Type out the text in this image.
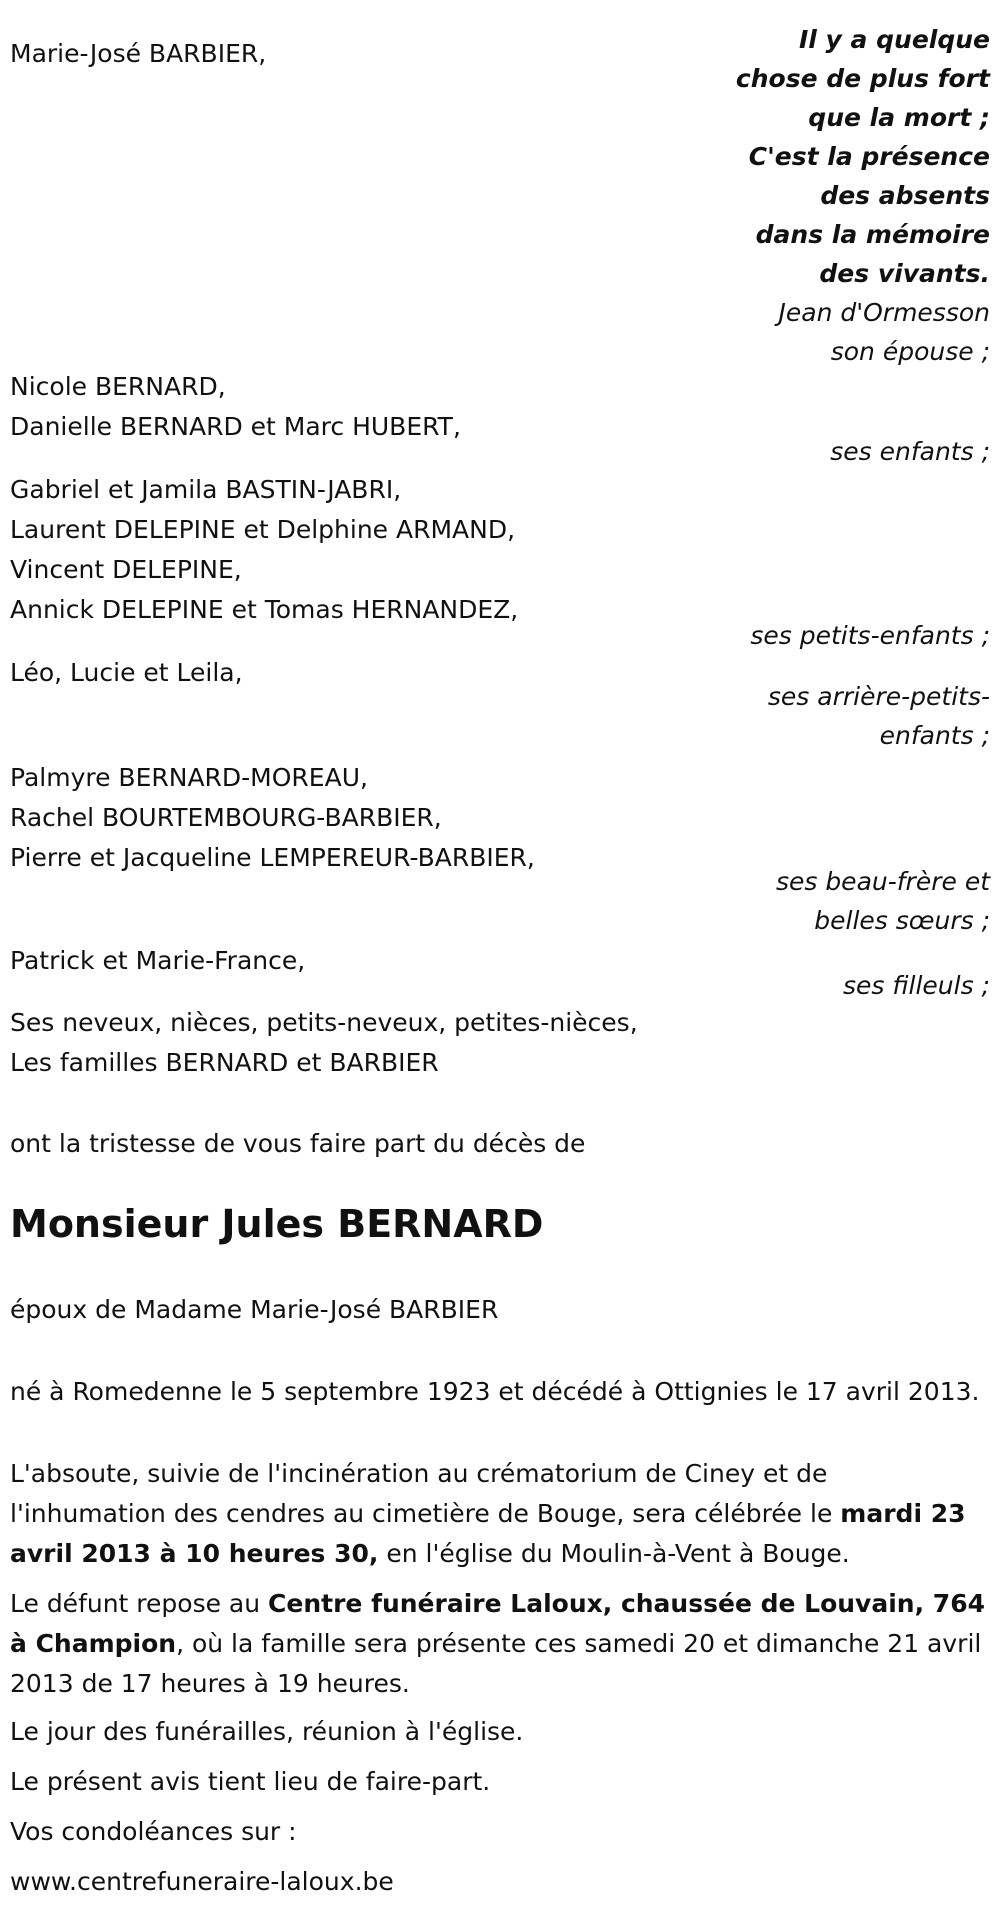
Marie-José BARBIER,	Il y a quelque
chose de plus fort
que la mort ;
C'est la présence
des absents
dans la mémoire
des vivants.
Jean d'Ormesson
son épouse ;
Nicole BERNARD,
Danielle BERNARD et Marc HUBERT,
ses enfants ;
Gabriel et Jamila BASTIN-JABRI,
Laurent DELEPINE et Delphine ARMAND,
Vincent DELEPINE,
Annick DELEPINE et Tomas HERNANDEZ,
ses petits-enfants ;
Léo, Lucie et Leila,
ses arrière-petits-
enfants ;
Palmyre BERNARD-MOREAU,
Rachel BOURTEMBOURG-BARBIER,
Pierre et Jacqueline LEMPEREUR-BARBIER,
ses beau-frère et
belles sœurs ;
Patrick et Marie-France,
ses filleuls ;
Ses neveux, nièces, petits-neveux, petites-nièces,
Les familles BERNARD et BARBIER
ont la tristesse de vous faire part du décès de
Monsieur Jules BERNARD
époux de Madame Marie-José BARBIER
né à Romedenne le 5 septembre 1923 et décédé à Ottignies le 17 avril 2013.
L'absoute, suivie de l'incinération au crématorium de Ciney et de l'inhumation des cendres au cimetière de Bouge, sera célébrée le mardi 23 avril 2013 à 10 heures 30, en l'église du Moulin-à-Vent à Bouge.
Le défunt repose au Centre funéraire Laloux, chaussée de Louvain, 764 à Champion, où la famille sera présente ces samedi 20 et dimanche 21 avril 2013 de 17 heures à 19 heures.
Le jour des funérailles, réunion à l'église.
Le présent avis tient lieu de faire-part.
Vos condoléances sur :
www.centrefuneraire-laloux.be
